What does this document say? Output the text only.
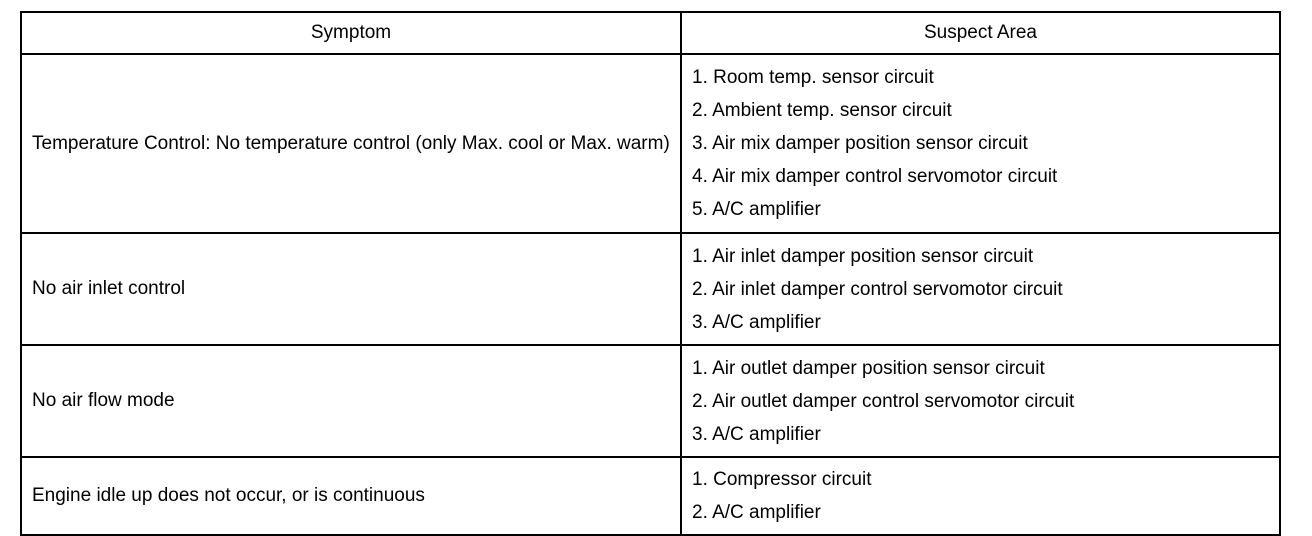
Symptom	Suspect Area
Temperature Control: No temperature control (only Max. cool or Max. warm)	1. Room temp. sensor circuit
2. Ambient temp. sensor circuit
3. Air mix damper position sensor circuit
4. Air mix damper control servomotor circuit
5. A/C amplifier

No air inlet control	1. Air inlet damper position sensor circuit
2. Air inlet damper control servomotor circuit
3. A/C amplifier

No air flow mode	1. Air outlet damper position sensor circuit
2. Air outlet damper control servomotor circuit
3. A/C amplifier

Engine idle up does not occur, or is continuous	1. Compressor circuit
2. A/C amplifier
